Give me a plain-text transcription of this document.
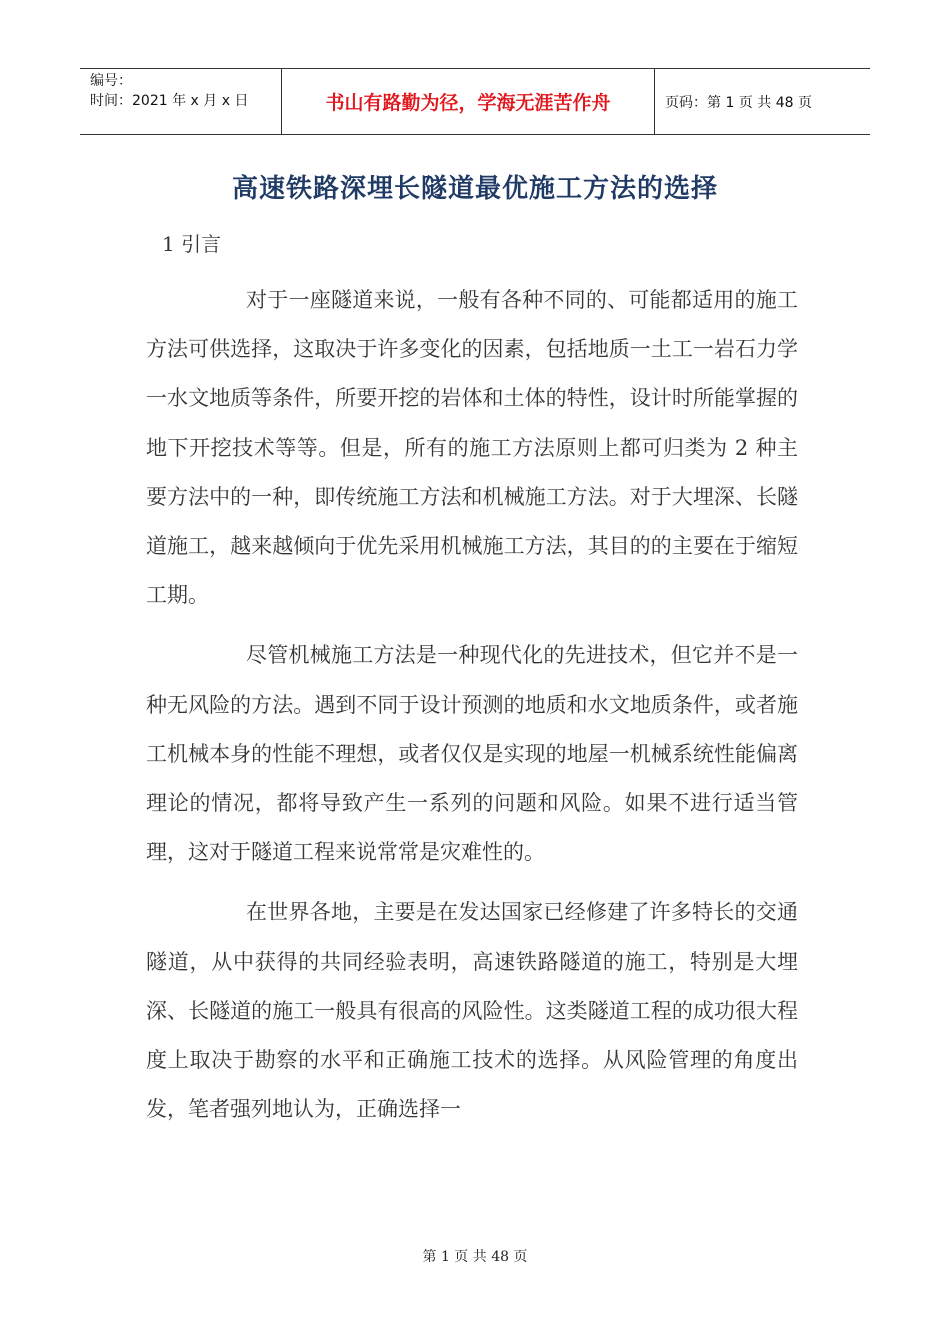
编号：
时间：2021 年 x 月 x 日	书山有路勤为径，学海无涯苦作舟	页码：第 1 页 共 48 页
高速铁路深埋长隧道最优施工方法的选择
1 引言

对于一座隧道来说，一般有各种不同的、可能都适用的施工方法可供选择，这取决于许多变化的因素，包括地质一土工一岩石力学一水文地质等条件，所要开挖的岩体和土体的特性，设计时所能掌握的地下开挖技术等等。但是，所有的施工方法原则上都可归类为 2 种主要方法中的一种，即传统施工方法和机械施工方法。对于大埋深、长隧道施工，越来越倾向于优先采用机械施工方法，其目的的主要在于缩短工期。

尽管机械施工方法是一种现代化的先进技术，但它并不是一种无风险的方法。遇到不同于设计预测的地质和水文地质条件，或者施工机械本身的性能不理想，或者仅仅是实现的地屋一机械系统性能偏离理论的情况，都将导致产生一系列的问题和风险。如果不进行适当管理，这对于隧道工程来说常常是灾难性的。

在世界各地，主要是在发达国家已经修建了许多特长的交通隧道，从中获得的共同经验表明，高速铁路隧道的施工，特别是大埋深、长隧道的施工一般具有很高的风险性。这类隧道工程的成功很大程度上取决于勘察的水平和正确施工技术的选择。从风险管理的角度出发，笔者强列地认为，正确选择一

第 1 页 共 48 页
